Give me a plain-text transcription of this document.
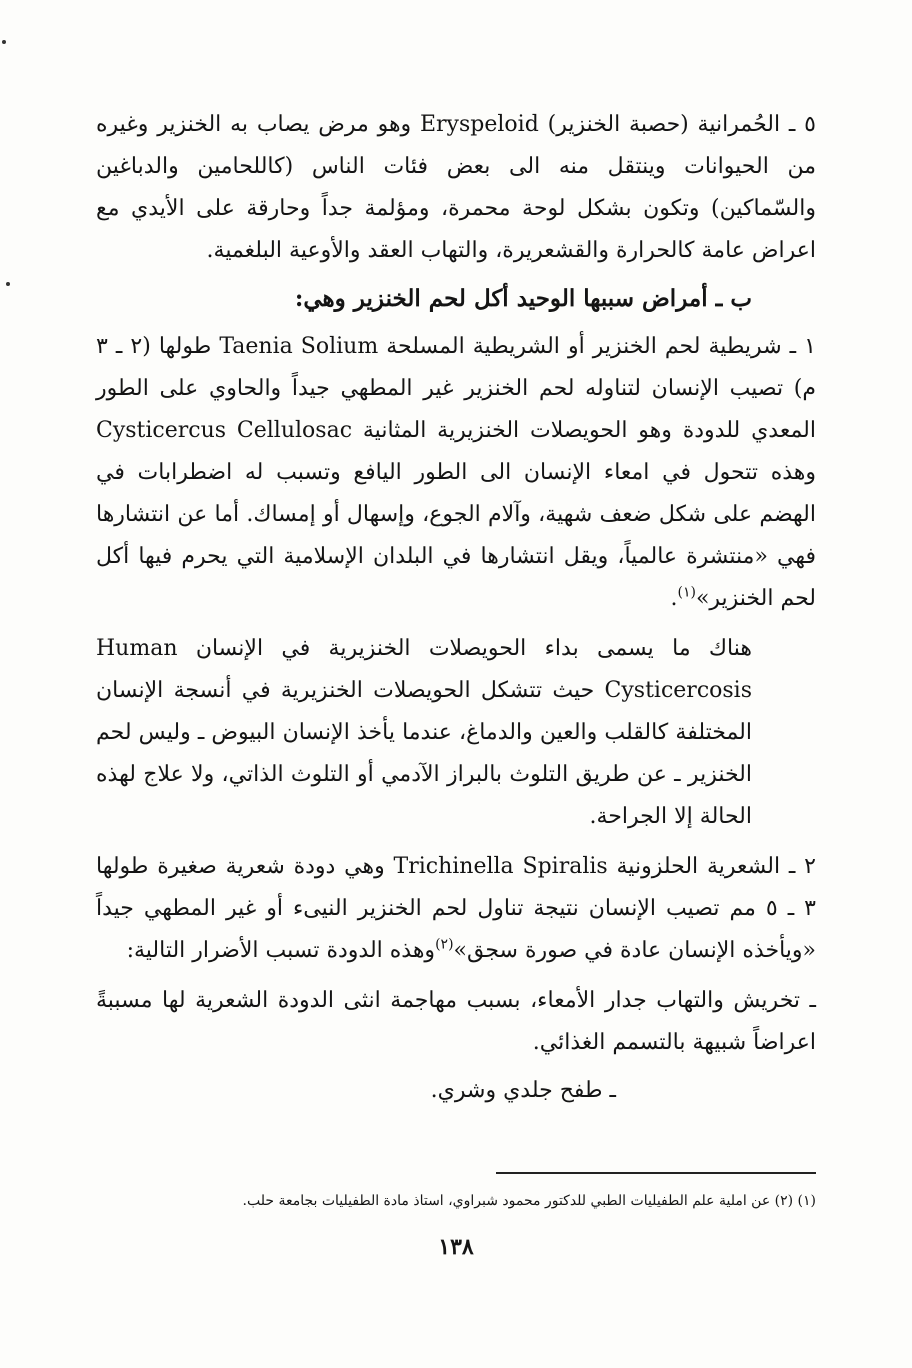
٥ ـ الحُمرانية (حصبة الخنزير) Eryspeloid وهو مرض يصاب به الخنزير وغيره من الحيوانات وينتقل منه الى بعض فئات الناس (كاللحامين والدباغين والسّماكين) وتكون بشكل لوحة محمرة، ومؤلمة جداً وحارقة على الأيدي مع اعراض عامة كالحرارة والقشعريرة، والتهاب العقد والأوعية البلغمية.

ب ـ أمراض سببها الوحيد أكل لحم الخنزير وهي:

١ ـ شريطية لحم الخنزير أو الشريطية المسلحة Taenia Solium طولها (٢ ـ ٣ م) تصيب الإنسان لتناوله لحم الخنزير غير المطهي جيداً والحاوي على الطور المعدي للدودة وهو الحويصلات الخنزيرية المثانية Cysticercus Cellulosac وهذه تتحول في امعاء الإنسان الى الطور اليافع وتسبب له اضطرابات في الهضم على شكل ضعف شهية، وآلام الجوع، وإسهال أو إمساك. أما عن انتشارها فهي «منتشرة عالمياً، ويقل انتشارها في البلدان الإسلامية التي يحرم فيها أكل لحم الخنزير»$^{(١)}$.

هناك ما يسمى بداء الحويصلات الخنزيرية في الإنسان Human Cysticercosis حيث تتشكل الحويصلات الخنزيرية في أنسجة الإنسان المختلفة كالقلب والعين والدماغ، عندما يأخذ الإنسان البيوض ـ وليس لحم الخنزير ـ عن طريق التلوث بالبراز الآدمي أو التلوث الذاتي، ولا علاج لهذه الحالة إلا الجراحة.

٢ ـ الشعرية الحلزونية Trichinella Spiralis وهي دودة شعرية صغيرة طولها ٣ ـ ٥ مم تصيب الإنسان نتيجة تناول لحم الخنزير النيىء أو غير المطهي جيداً «ويأخذه الإنسان عادة في صورة سجق»$^{(٢)}$وهذه الدودة تسبب الأضرار التالية:

ـ تخريش والتهاب جدار الأمعاء، بسبب مهاجمة انثى الدودة الشعرية لها مسببةً اعراضاً شبيهة بالتسمم الغذائي.

ـ طفح جلدي وشري.

(١) (٢) عن املية علم الطفيليات الطبي للدكتور محمود شبراوي، استاذ مادة الطفيليات بجامعة حلب.
١٣٨
